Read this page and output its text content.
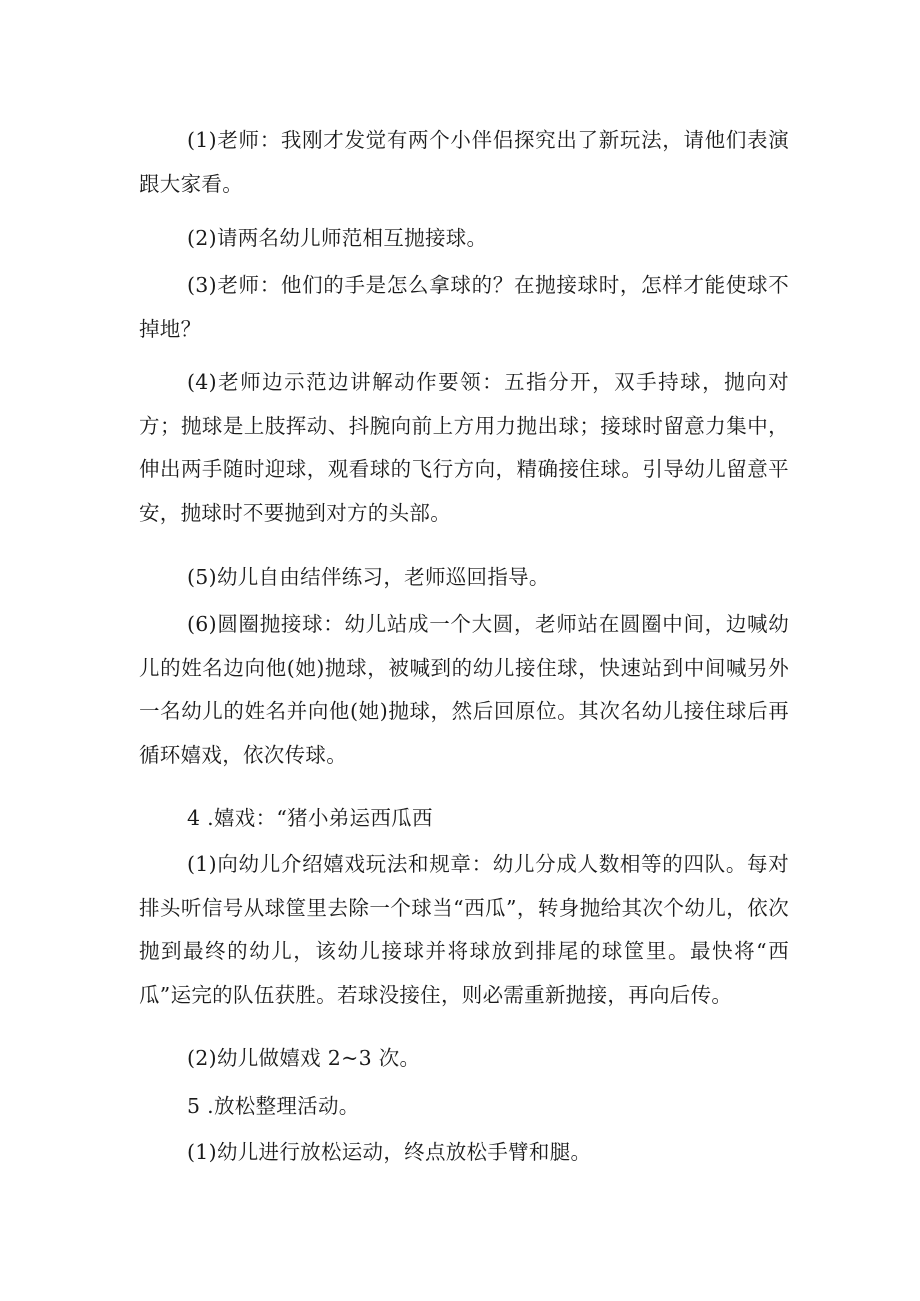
(1)老师：我刚才发觉有两个小伴侣探究出了新玩法，请他们表演跟大家看。

(2)请两名幼儿师范相互抛接球。

(3)老师：他们的手是怎么拿球的？在抛接球时，怎样才能使球不掉地？

(4)老师边示范边讲解动作要领：五指分开，双手持球，抛向对方；抛球是上肢挥动、抖腕向前上方用力抛出球；接球时留意力集中，伸出两手随时迎球，观看球的飞行方向，精确接住球。引导幼儿留意平安，抛球时不要抛到对方的头部。

(5)幼儿自由结伴练习，老师巡回指导。

(6)圆圈抛接球：幼儿站成一个大圆，老师站在圆圈中间，边喊幼儿的姓名边向他(她)抛球，被喊到的幼儿接住球，快速站到中间喊另外一名幼儿的姓名并向他(她)抛球，然后回原位。其次名幼儿接住球后再循环嬉戏，依次传球。

4 .嬉戏：“猪小弟运西瓜西

(1)向幼儿介绍嬉戏玩法和规章：幼儿分成人数相等的四队。每对排头听信号从球筐里去除一个球当“西瓜”，转身抛给其次个幼儿，依次抛到最终的幼儿，该幼儿接球并将球放到排尾的球筐里。最快将“西瓜”运完的队伍获胜。若球没接住，则必需重新抛接，再向后传。

(2)幼儿做嬉戏 2~3 次。

5 .放松整理活动。

(1)幼儿进行放松运动，终点放松手臂和腿。
